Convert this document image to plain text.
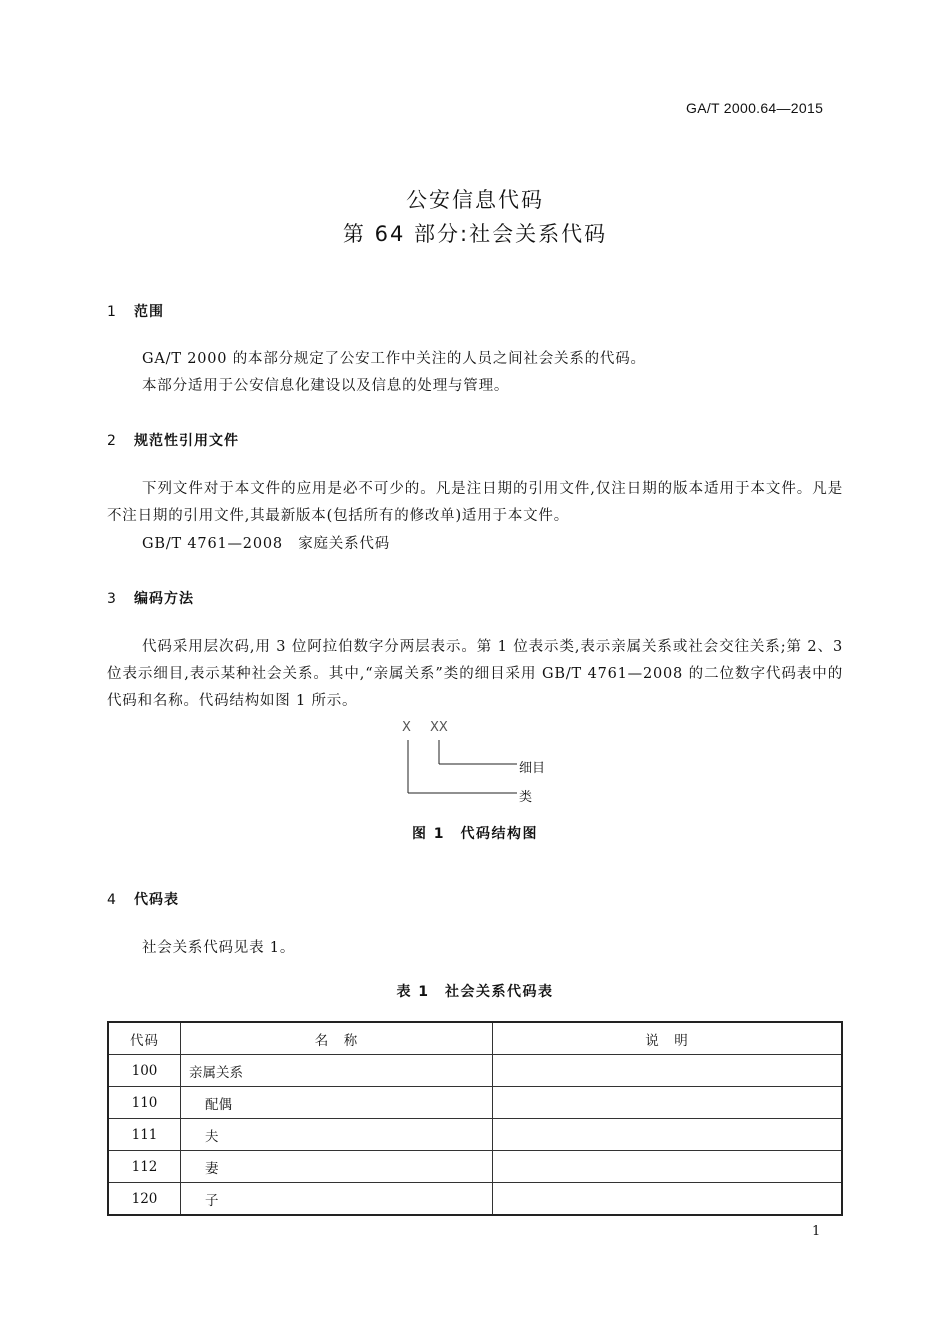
GA/T 2000.64—2015
公安信息代码
第 64 部分:社会关系代码
1 范围
GA/T 2000 的本部分规定了公安工作中关注的人员之间社会关系的代码。
本部分适用于公安信息化建设以及信息的处理与管理。
2 规范性引用文件
下列文件对于本文件的应用是必不可少的。凡是注日期的引用文件,仅注日期的版本适用于本文件。凡是不注日期的引用文件,其最新版本(包括所有的修改单)适用于本文件。
GB/T 4761—2008　家庭关系代码
3 编码方法
代码采用层次码,用 3 位阿拉伯数字分两层表示。第 1 位表示类,表示亲属关系或社会交往关系;第 2、3 位表示细目,表示某种社会关系。其中,“亲属关系”类的细目采用 GB/T 4761—2008 的二位数字代码表中的代码和名称。代码结构如图 1 所示。
X XX
细目
类
图 1　代码结构图
4 代码表
社会关系代码见表 1。
表 1　社会关系代码表
代码	名　称	说　明
100	亲属关系	
110	配偶	
111	夫	
112	妻	
120	子	
1
